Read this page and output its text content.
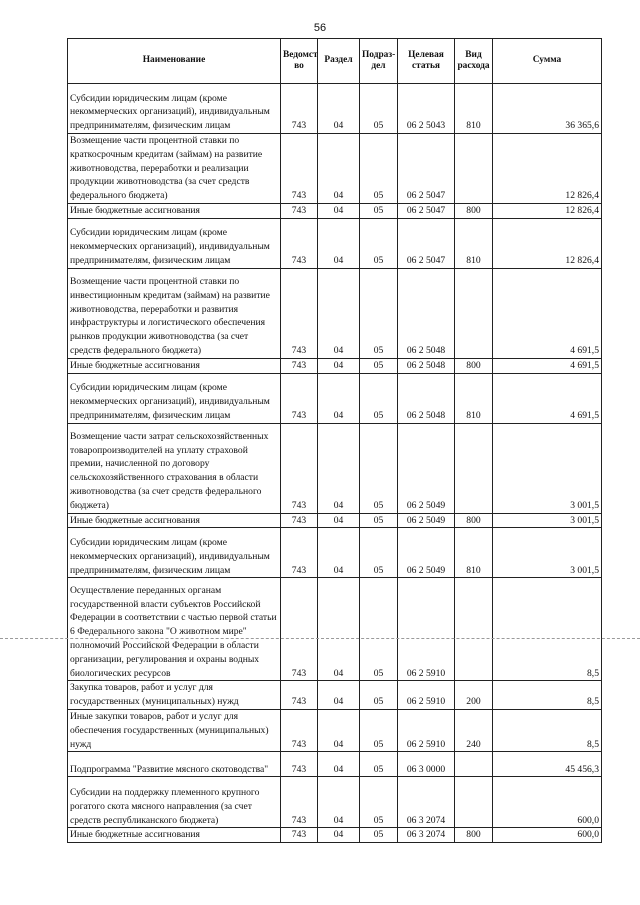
56
Наименование	Ведомст во	Раздел	Подраз-дел	Целевая статья	Вид расхода	Сумма
Субсидии юридическим лицам (кроме некоммерческих организаций), индивидуальным предпринимателям, физическим лицам	743	04	05	06 2 5043	810	36 365,6
Возмещение части процентной ставки по краткосрочным кредитам (займам) на развитие животноводства, переработки и реализации продукции животноводства (за счет средств федерального бюджета)	743	04	05	06 2 5047		12 826,4
Иные бюджетные ассигнования	743	04	05	06 2 5047	800	12 826,4
Субсидии юридическим лицам (кроме некоммерческих организаций), индивидуальным предпринимателям, физическим лицам	743	04	05	06 2 5047	810	12 826,4
Возмещение части процентной ставки по инвестиционным кредитам (займам) на развитие животноводства, переработки и развития инфраструктуры и логистического обеспечения рынков продукции животноводства (за счет средств федерального бюджета)	743	04	05	06 2 5048		4 691,5
Иные бюджетные ассигнования	743	04	05	06 2 5048	800	4 691,5
Субсидии юридическим лицам (кроме некоммерческих организаций), индивидуальным предпринимателям, физическим лицам	743	04	05	06 2 5048	810	4 691,5
Возмещение части затрат сельскохозяйственных товаропроизводителей на уплату страховой премии, начисленной по договору сельскохозяйственного страхования в области животноводства (за счет средств федерального бюджета)	743	04	05	06 2 5049		3 001,5
Иные бюджетные ассигнования	743	04	05	06 2 5049	800	3 001,5
Субсидии юридическим лицам (кроме некоммерческих организаций), индивидуальным предпринимателям, физическим лицам	743	04	05	06 2 5049	810	3 001,5
Осуществление переданных органам государственной власти субъектов Российской Федерации в соответствии с частью первой статьи 6 Федерального закона "О животном мире" полномочий Российской Федерации в области организации, регулирования и охраны водных биологических ресурсов	743	04	05	06 2 5910		8,5
Закупка товаров, работ и услуг для государственных (муниципальных) нужд	743	04	05	06 2 5910	200	8,5
Иные закупки товаров, работ и услуг для обеспечения государственных (муниципальных) нужд	743	04	05	06 2 5910	240	8,5
Подпрограмма "Развитие мясного скотоводства"	743	04	05	06 3 0000		45 456,3
Субсидии на поддержку племенного крупного рогатого скота мясного направления (за счет средств республиканского бюджета)	743	04	05	06 3 2074		600,0
Иные бюджетные ассигнования	743	04	05	06 3 2074	800	600,0
